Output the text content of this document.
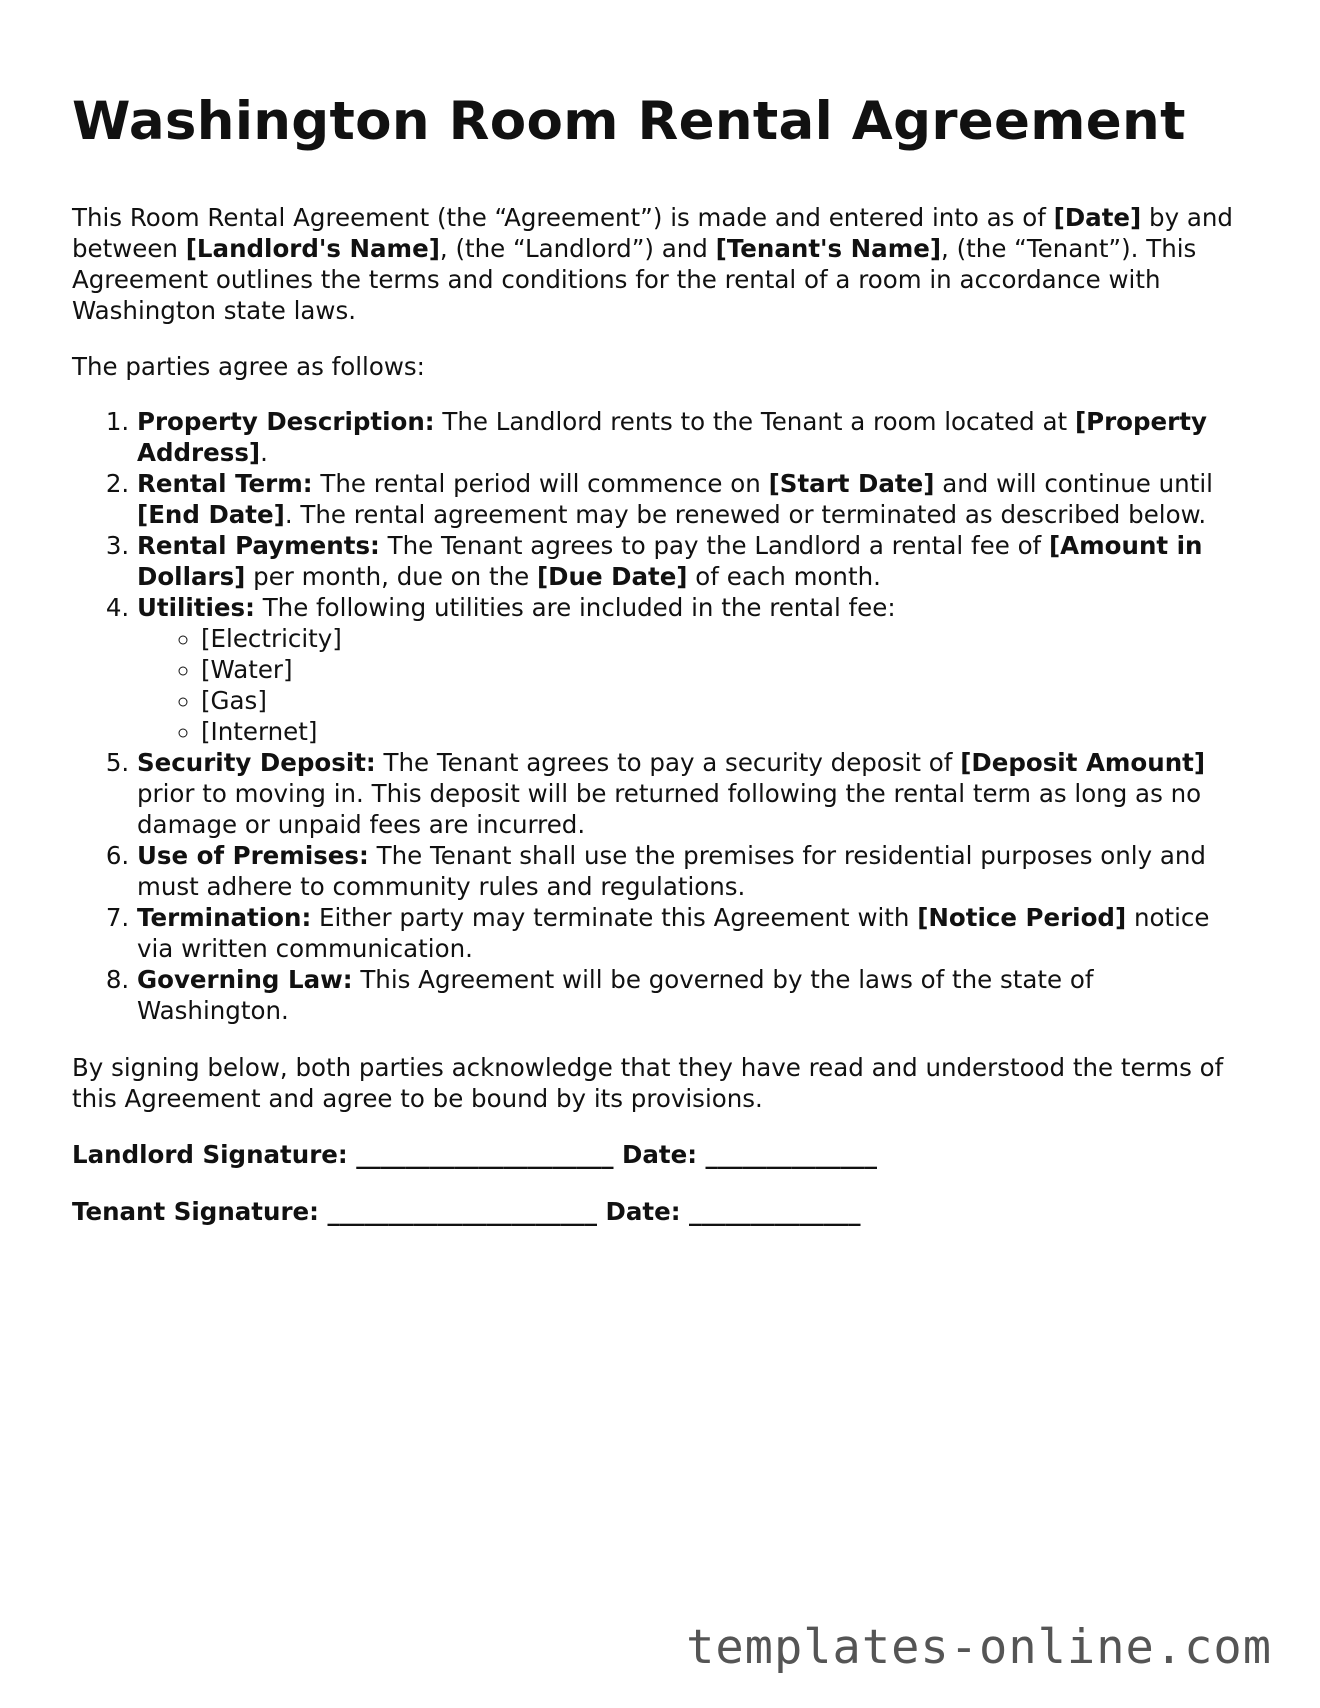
Washington Room Rental Agreement

This Room Rental Agreement (the “Agreement”) is made and entered into as of [Date] by and between [Landlord's Name], (the “Landlord”) and [Tenant's Name], (the “Tenant”). This Agreement outlines the terms and conditions for the rental of a room in accordance with Washington state laws.

The parties agree as follows:

1. Property Description: The Landlord rents to the Tenant a room located at [Property Address].
2. Rental Term: The rental period will commence on [Start Date] and will continue until [End Date]. The rental agreement may be renewed or terminated as described below.
3. Rental Payments: The Tenant agrees to pay the Landlord a rental fee of [Amount in Dollars] per month, due on the [Due Date] of each month.
4. Utilities: The following utilities are included in the rental fee:
◦ [Electricity]
◦ [Water]
◦ [Gas]
◦ [Internet]
5. Security Deposit: The Tenant agrees to pay a security deposit of [Deposit Amount] prior to moving in. This deposit will be returned following the rental term as long as no damage or unpaid fees are incurred.
6. Use of Premises: The Tenant shall use the premises for residential purposes only and must adhere to community rules and regulations.
7. Termination: Either party may terminate this Agreement with [Notice Period] notice via written communication.
8. Governing Law: This Agreement will be governed by the laws of the state of Washington.

By signing below, both parties acknowledge that they have read and understood the terms of this Agreement and agree to be bound by its provisions.

Landlord Signature: _____________________ Date: ______________
Tenant Signature: ______________________ Date: ______________
templates-online.com
